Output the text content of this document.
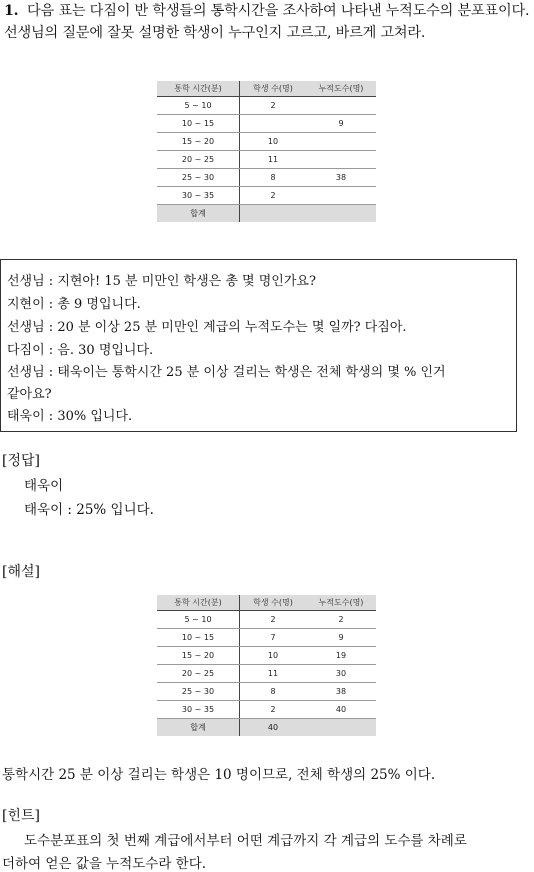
1. 다음 표는 다짐이 반 학생들의 통학시간을 조사하여 나타낸 누적도수의 분포표이다. 선생님의 질문에 잘못 설명한 학생이 누구인지 고르고, 바르게 고쳐라.
통학 시간(분)	학생 수(명)	누적도수(명)
5 ~ 10	2	
10 ~ 15		9
15 ~ 20	10	
20 ~ 25	11	
25 ~ 30	8	38
30 ~ 35	2	
합계		
선생님 : 지현아! 15 분 미만인 학생은 총 몇 명인가요?
지현이 : 총 9 명입니다.
선생님 : 20 분 이상 25 분 미만인 계급의 누적도수는 몇 일까? 다짐아.
다짐이 : 음. 30 명입니다.
선생님 : 태욱이는 통학시간 25 분 이상 걸리는 학생은 전체 학생의 몇 % 인거
같아요?
태욱이 : 30% 입니다.
[정답]
태욱이
태욱이 : 25% 입니다.
[해설]
통학 시간(분)	학생 수(명)	누적도수(명)
5 ~ 10	2	2
10 ~ 15	7	9
15 ~ 20	10	19
20 ~ 25	11	30
25 ~ 30	8	38
30 ~ 35	2	40
합계	40	
통학시간 25 분 이상 걸리는 학생은 10 명이므로, 전체 학생의 25% 이다.
[힌트]
도수분포표의 첫 번째 계급에서부터 어떤 계급까지 각 계급의 도수를 차례로
더하여 얻은 값을 누적도수라 한다.
